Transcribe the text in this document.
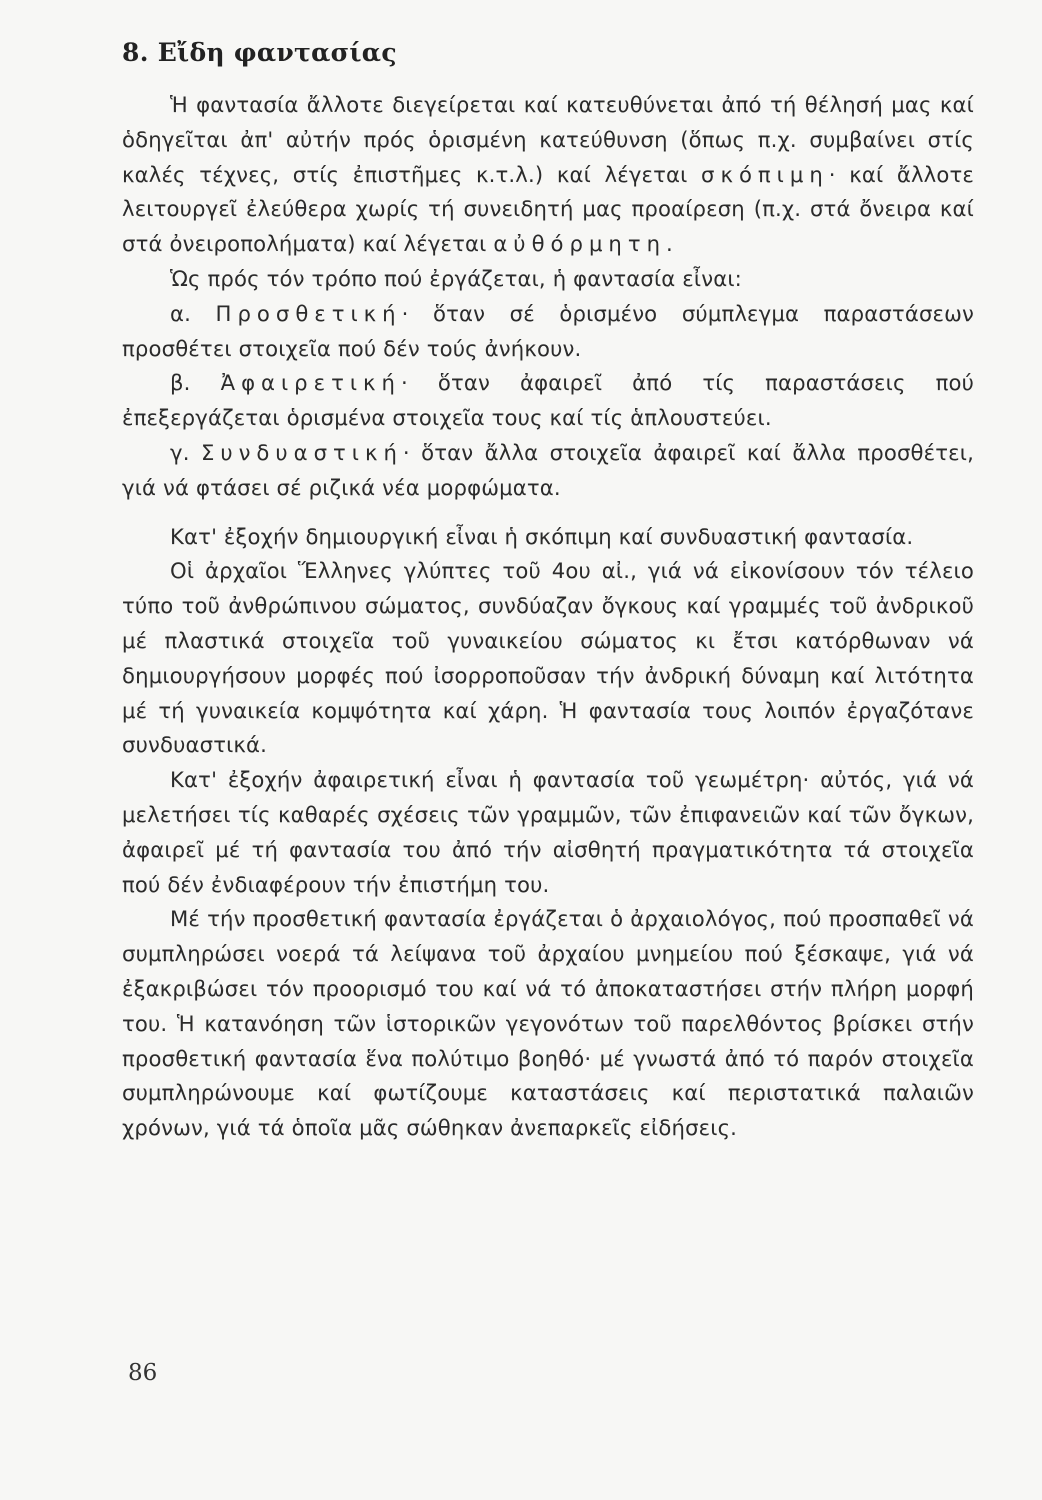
8. Εἴδη φαντασίας

Ἡ φαντασία ἄλλοτε διεγείρεται καί κατευθύνεται ἀπό τή θέλησή μας καί ὁδηγεῖται ἀπ' αὐτήν πρός ὁρισμένη κατεύθυνση (ὅπως π.χ. συμβαίνει στίς καλές τέχνες, στίς ἐπιστῆμες κ.τ.λ.) καί λέγεται σκόπιμη· καί ἄλλοτε λειτουργεῖ ἐλεύθερα χωρίς τή συνειδητή μας προαίρεση (π.χ. στά ὄνειρα καί στά ὀνειροπολήματα) καί λέγεται αὐθόρμητη.

Ὡς πρός τόν τρόπο πού ἐργάζεται, ἡ φαντασία εἶναι:

α. Προσθετική· ὅταν σέ ὁρισμένο σύμπλεγμα παραστάσεων προσθέτει στοιχεῖα πού δέν τούς ἀνήκουν.

β. Ἀφαιρετική· ὅταν ἀφαιρεῖ ἀπό τίς παραστάσεις πού ἐπεξεργάζεται ὁρισμένα στοιχεῖα τους καί τίς ἁπλουστεύει.

γ. Συνδυαστική· ὅταν ἄλλα στοιχεῖα ἀφαιρεῖ καί ἄλλα προσθέτει, γιά νά φτάσει σέ ριζικά νέα μορφώματα.

Κατ' ἐξοχήν δημιουργική εἶναι ἡ σκόπιμη καί συνδυαστική φαντασία.

Οἱ ἀρχαῖοι Ἕλληνες γλύπτες τοῦ 4ου αἰ., γιά νά εἰκονίσουν τόν τέλειο τύπο τοῦ ἀνθρώπινου σώματος, συνδύαζαν ὄγκους καί γραμμές τοῦ ἀνδρικοῦ μέ πλαστικά στοιχεῖα τοῦ γυναικείου σώματος κι ἔτσι κατόρθωναν νά δημιουργήσουν μορφές πού ἰσορροποῦσαν τήν ἀνδρική δύναμη καί λιτότητα μέ τή γυναικεία κομψότητα καί χάρη. Ἡ φαντασία τους λοιπόν ἐργαζότανε συνδυαστικά.

Κατ' ἐξοχήν ἀφαιρετική εἶναι ἡ φαντασία τοῦ γεωμέτρη· αὐτός, γιά νά μελετήσει τίς καθαρές σχέσεις τῶν γραμμῶν, τῶν ἐπιφανειῶν καί τῶν ὄγκων, ἀφαιρεῖ μέ τή φαντασία του ἀπό τήν αἰσθητή πραγματικότητα τά στοιχεῖα πού δέν ἐνδιαφέρουν τήν ἐπιστήμη του.

Μέ τήν προσθετική φαντασία ἐργάζεται ὁ ἀρχαιολόγος, πού προσπαθεῖ νά συμπληρώσει νοερά τά λείψανα τοῦ ἀρχαίου μνημείου πού ξέσκαψε, γιά νά ἐξακριβώσει τόν προορισμό του καί νά τό ἀποκαταστήσει στήν πλήρη μορφή του. Ἡ κατανόηση τῶν ἱστορικῶν γεγονότων τοῦ παρελθόντος βρίσκει στήν προσθετική φαντασία ἕνα πολύτιμο βοηθό· μέ γνωστά ἀπό τό παρόν στοιχεῖα συμπληρώνουμε καί φωτίζουμε καταστάσεις καί περιστατικά παλαιῶν χρόνων, γιά τά ὁποῖα μᾶς σώθηκαν ἀνεπαρκεῖς εἰδήσεις.

86
